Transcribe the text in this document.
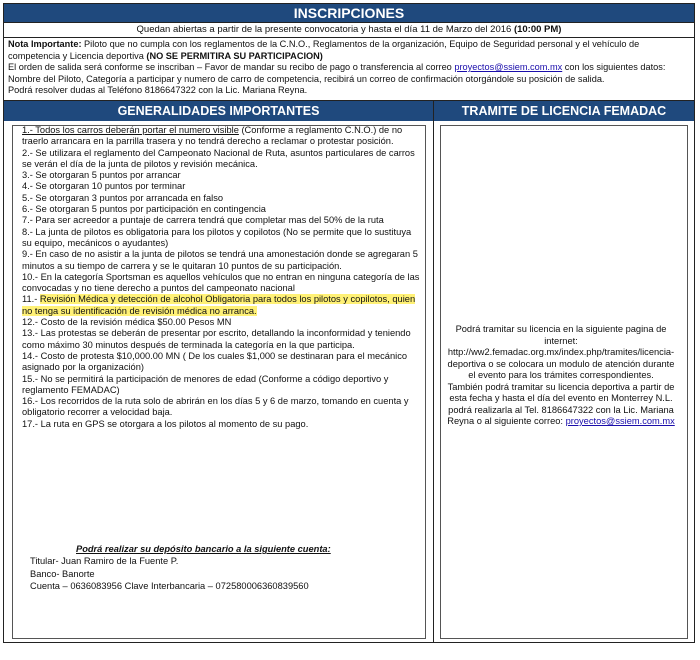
INSCRIPCIONES
Quedan abiertas a partir de la presente convocatoria y hasta el día 11 de Marzo del 2016 (10:00 PM)
Nota Importante: Piloto que no cumpla con los reglamentos de la C.N.O., Reglamentos de la organización, Equipo de Seguridad personal y el vehículo de competencia y Licencia deportiva (NO SE PERMITIRA SU PARTICIPACION)
El orden de salida será conforme se inscriban – Favor de mandar su recibo de pago o transferencia al correo proyectos@ssiem.com.mx con los siguientes datos: Nombre del Piloto, Categoría a participar y numero de carro de competencia, recibirá un correo de confirmación otorgándole su posición de salida.
Podrá resolver dudas al Teléfono 8186647322 con la Lic. Mariana Reyna.
GENERALIDADES IMPORTANTES	TRAMITE DE LICENCIA FEMADAC

1.- Todos los carros deberán portar el numero visible (Conforme a reglamento C.N.O.) de no traerlo arrancara en la parrilla trasera y no tendrá derecho a reclamar o protestar posición.

2.- Se utilizara el reglamento del Campeonato Nacional de Ruta, asuntos particulares de carros se verán el día de la junta de pilotos y revisión mecánica.

3.- Se otorgaran 5 puntos por arrancar

4.- Se otorgaran 10 puntos por terminar

5.- Se otorgaran 3 puntos por arrancada en falso

6.- Se otorgaran 5 puntos por participación en contingencia

7.- Para ser acreedor a puntaje de carrera tendrá que completar mas del 50% de la ruta

8.- La junta de pilotos es obligatoria para los pilotos y copilotos (No se permite que lo sustituya su equipo, mecánicos o ayudantes)

9.- En caso de no asistir a la junta de pilotos se tendrá una amonestación donde se agregaran 5 minutos a su tiempo de carrera y se le quitaran 10 puntos de su participación.

10.- En la categoría Sportsman es aquellos vehículos que no entran en ninguna categoría de las convocadas y no tiene derecho a puntos del campeonato nacional

11.- Revisión Médica y detección de alcohol Obligatoria para todos los pilotos y copilotos, quien no tenga su identificación de revisión médica no arranca.

12.- Costo de la revisión médica $50.00 Pesos MN

13.- Las protestas se deberán de presentar por escrito, detallando la inconformidad y teniendo como máximo 30 minutos después de terminada la categoría en la que participa.

14.- Costo de protesta $10,000.00 MN ( De los cuales $1,000 se destinaran para el mecánico asignado por la organización)

15.- No se permitirá la participación de menores de edad (Conforme a código deportivo y reglamento FEMADAC)

16.- Los recorridos de la ruta solo de abrirán en los días 5 y 6 de marzo, tomando en cuenta y obligatorio recorrer a velocidad baja.

17.- La ruta en GPS se otorgara a los pilotos al momento de su pago.

Podrá realizar su depósito bancario a la siguiente cuenta:

Titular- Juan Ramiro de la Fuente P.

Banco- Banorte

Cuenta – 0636083956 Clave Interbancaria – 072580006360839560

Podrá tramitar su licencia en la siguiente pagina de internet:

http://ww2.femadac.org.mx/index.php/tramites/licencia-deportiva o se colocara un modulo de atención durante el evento para los trámites correspondientes.

También podrá tramitar su licencia deportiva a partir de esta fecha y hasta el día del evento en Monterrey N.L. podrá realizarla al Tel. 8186647322 con la Lic. Mariana Reyna o al siguiente correo: proyectos@ssiem.com.mx
